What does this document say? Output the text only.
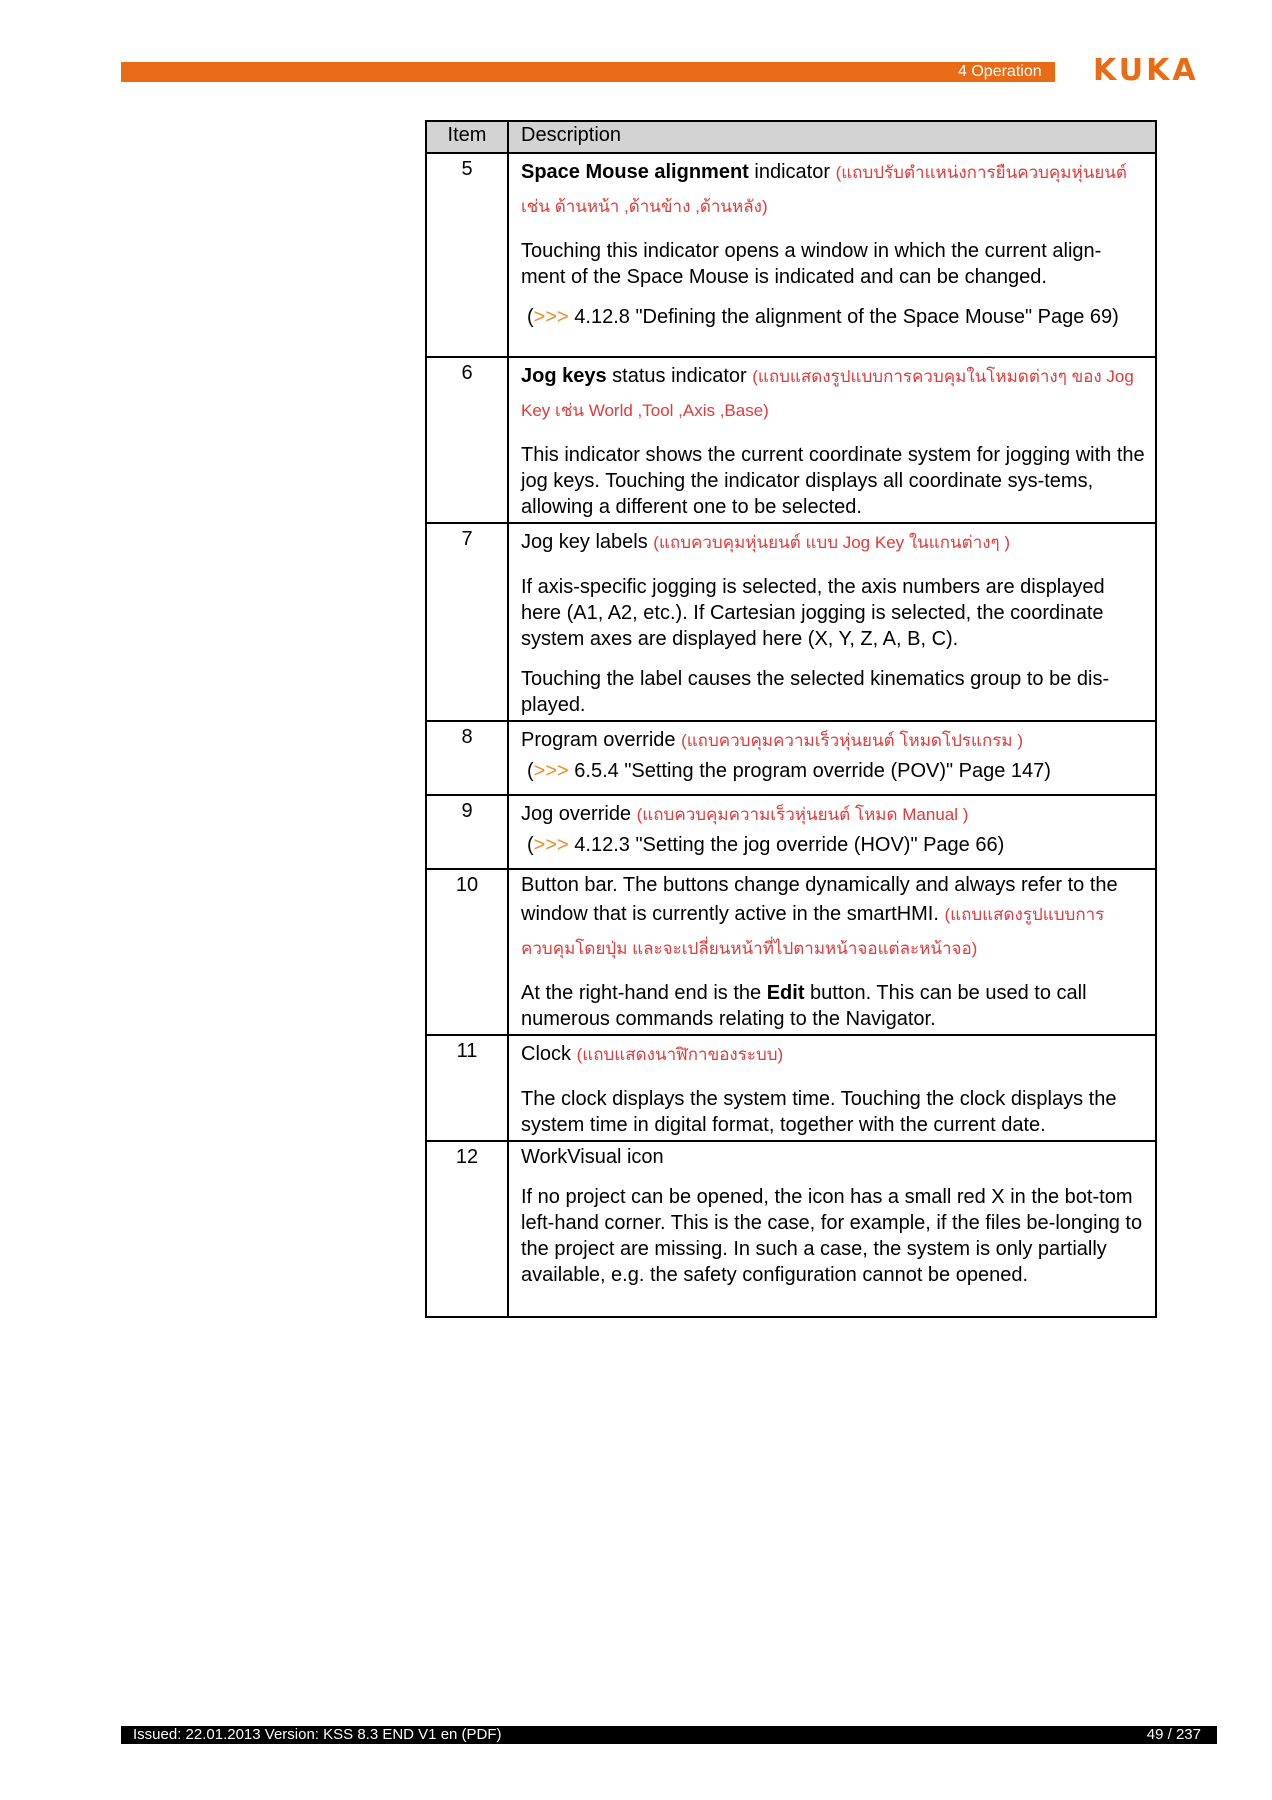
4 Operation KUKA
Item	Description
5	Space Mouse alignment indicator (แถบปรับตำแหน่งการยืนควบคุมหุ่นยนต์ เช่น ด้านหน้า ,ด้านข้าง ,ด้านหลัง)
Touching this indicator opens a window in which the current align-ment of the Space Mouse is indicated and can be changed.
(>>> 4.12.8 "Defining the alignment of the Space Mouse" Page 69)

6	Jog keys status indicator (แถบแสดงรูปแบบการควบคุมในโหมดต่างๆ ของ Jog Key เช่น World ,Tool ,Axis ,Base)
This indicator shows the current coordinate system for jogging with the jog keys. Touching the indicator displays all coordinate sys-tems, allowing a different one to be selected.

7	Jog key labels (แถบควบคุมหุ่นยนต์ แบบ Jog Key ในแกนต่างๆ )
If axis-specific jogging is selected, the axis numbers are displayed here (A1, A2, etc.). If Cartesian jogging is selected, the coordinate system axes are displayed here (X, Y, Z, A, B, C).
Touching the label causes the selected kinematics group to be dis-played.

8	Program override (แถบควบคุมความเร็วหุ่นยนต์ โหมดโปรแกรม )
(>>> 6.5.4 "Setting the program override (POV)" Page 147)

9	Jog override (แถบควบคุมความเร็วหุ่นยนต์ โหมด Manual )
(>>> 4.12.3 "Setting the jog override (HOV)" Page 66)

10	Button bar. The buttons change dynamically and always refer to the window that is currently active in the smartHMI. (แถบแสดงรูปแบบการควบคุมโดยปุ่ม และจะเปลี่ยนหน้าที่ไปตามหน้าจอแต่ละหน้าจอ)
At the right-hand end is the Edit button. This can be used to call numerous commands relating to the Navigator.

11	Clock (แถบแสดงนาฬิกาของระบบ)
The clock displays the system time. Touching the clock displays the system time in digital format, together with the current date.

12	WorkVisual icon
If no project can be opened, the icon has a small red X in the bot-tom left-hand corner. This is the case, for example, if the files be-longing to the project are missing. In such a case, the system is only partially available, e.g. the safety configuration cannot be opened.
Issued: 22.01.2013 Version: KSS 8.3 END V1 en (PDF)	49 / 237
